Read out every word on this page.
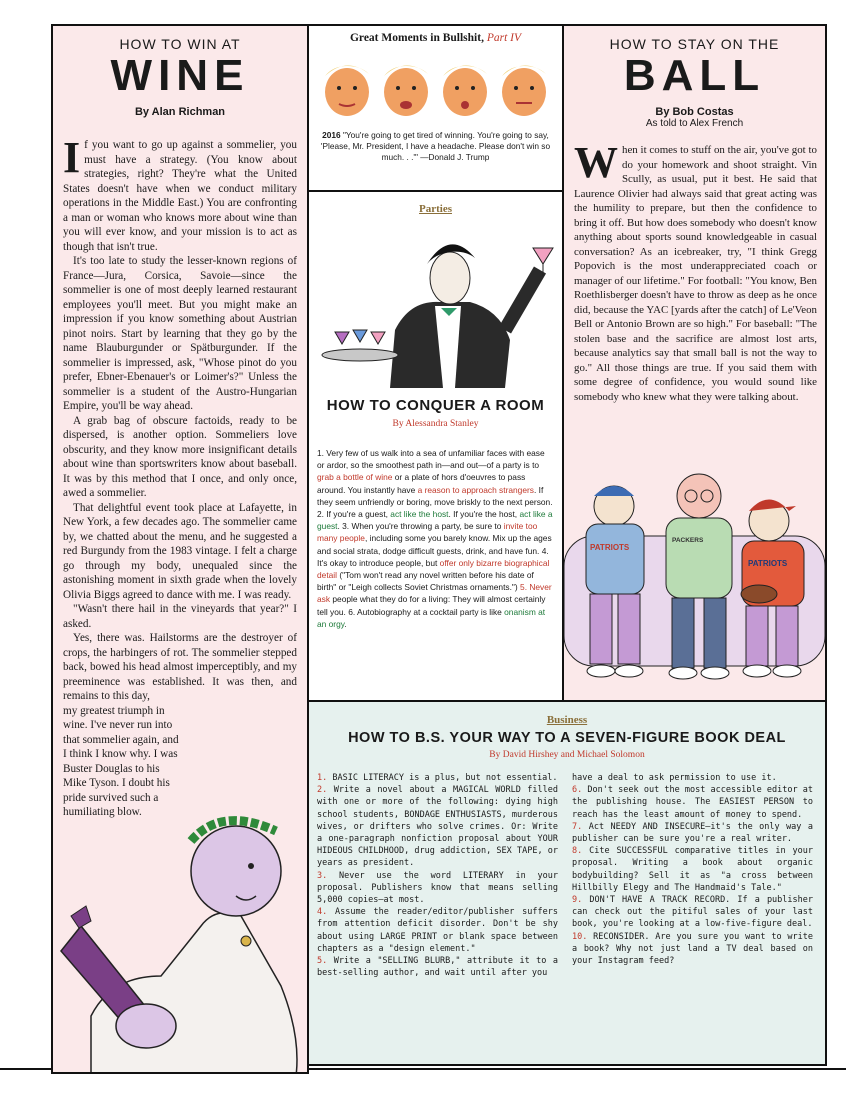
HOW TO WIN AT
WINE
By Alan Richman

If you want to go up against a sommelier, you must have a strategy. (You know about strategies, right? They're what the United States doesn't have when we conduct military operations in the Middle East.) You are confronting a man or woman who knows more about wine than you will ever know, and your mission is to act as though that isn't true.

It's too late to study the lesser-known regions of France—Jura, Corsica, Savoie—since the sommelier is one of most deeply learned restaurant employees you'll meet. But you might make an impression if you know something about Austrian pinot noirs. Start by learning that they go by the name Blauburgunder or Spätburgunder. If the sommelier is impressed, ask, "Whose pinot do you prefer, Ebner-Ebenauer's or Loimer's?" Unless the sommelier is a student of the Austro-Hungarian Empire, you'll be way ahead.

A grab bag of obscure factoids, ready to be dispersed, is another option. Sommeliers love obscurity, and they know more insignificant details about wine than sportswriters know about baseball. It was by this method that I once, and only once, awed a sommelier.

That delightful event took place at Lafayette, in New York, a few decades ago. The sommelier came by, we chatted about the menu, and he suggested a red Burgundy from the 1983 vintage. I felt a charge go through my body, unequaled since the astonishing moment in sixth grade when the lovely Olivia Biggs agreed to dance with me. I was ready.

"Wasn't there hail in the vineyards that year?" I asked.

Yes, there was. Hailstorms are the destroyer of crops, the harbingers of rot. The sommelier stepped back, bowed his head almost imperceptibly, and my preeminence was established. It was then, and remains to this day,

my greatest triumph in wine. I've never run into that sommelier again, and I think I know why. I was Buster Douglas to his Mike Tyson. I doubt his pride survived such a humiliating blow.

Great Moments in Bullshit, Part IV
2016 "You're going to get tired of winning. You're going to say, 'Please, Mr. President, I have a headache. Please don't win so much. . .'" —Donald J. Trump
Parties
HOW TO CONQUER A ROOM
By Alessandra Stanley
1. Very few of us walk into a sea of unfamiliar faces with ease or ardor, so the smoothest path in—and out—of a party is to grab a bottle of wine or a plate of hors d'oeuvres to pass around. You instantly have a reason to approach strangers. If they seem unfriendly or boring, move briskly to the next person. 2. If you're a guest, act like the host. If you're the host, act like a guest. 3. When you're throwing a party, be sure to invite too many people, including some you barely know. Mix up the ages and social strata, dodge difficult guests, drink, and have fun. 4. It's okay to introduce people, but offer only bizarre biographical detail ("Tom won't read any novel written before his date of birth" or "Leigh collects Soviet Christmas ornaments.") 5. Never ask people what they do for a living: They will almost certainly tell you. 6. Autobiography at a cocktail party is like onanism at an orgy.
HOW TO STAY ON THE
BALL
By Bob Costas
As told to Alex French
When it comes to stuff on the air, you've got to do your homework and shoot straight. Vin Scully, as usual, put it best. He said that Laurence Olivier had always said that great acting was the humility to prepare, but then the confidence to bring it off. But how does somebody who doesn't know anything about sports sound knowledgeable in casual conversation? As an icebreaker, try, "I think Gregg Popovich is the most underappreciated coach or manager of our lifetime." For football: "You know, Ben Roethlisberger doesn't have to throw as deep as he once did, because the YAC [yards after the catch] of Le'Veon Bell or Antonio Brown are so high." For baseball: "The stolen base and the sacrifice are almost lost arts, because analytics say that small ball is not the way to go." All those things are true. If you said them with some degree of confidence, you would sound like somebody who knew what they were talking about.
PATRIOTS
PACKERS
PATRIOTS
Business
HOW TO B.S. YOUR WAY TO A SEVEN-FIGURE BOOK DEAL
By David Hirshey and Michael Solomon
1. BASIC LITERACY is a plus, but not essential.
2. Write a novel about a MAGICAL WORLD filled with one or more of the following: dying high school students, BONDAGE ENTHUSIASTS, murderous wives, or drifters who solve crimes. Or: Write a one-paragraph nonfiction proposal about YOUR HIDEOUS CHILDHOOD, drug addiction, SEX TAPE, or years as president.
3. Never use the word LITERARY in your proposal. Publishers know that means selling 5,000 copies—at most.
4. Assume the reader/editor/publisher suffers from attention deficit disorder. Don't be shy about using LARGE PRINT or blank space between chapters as a "design element."
5. Write a "SELLING BLURB," attribute it to a best-selling author, and wait until after you
have a deal to ask permission to use it.
6. Don't seek out the most accessible editor at the publishing house. The EASIEST PERSON to reach has the least amount of money to spend.
7. Act NEEDY AND INSECURE—it's the only way a publisher can be sure you're a real writer.
8. Cite SUCCESSFUL comparative titles in your proposal. Writing a book about organic bodybuilding? Sell it as "a cross between Hillbilly Elegy and The Handmaid's Tale."
9. DON'T HAVE A TRACK RECORD. If a publisher can check out the pitiful sales of your last book, you're looking at a low-five-figure deal.
10. RECONSIDER. Are you sure you want to write a book? Why not just land a TV deal based on your Instagram feed?
